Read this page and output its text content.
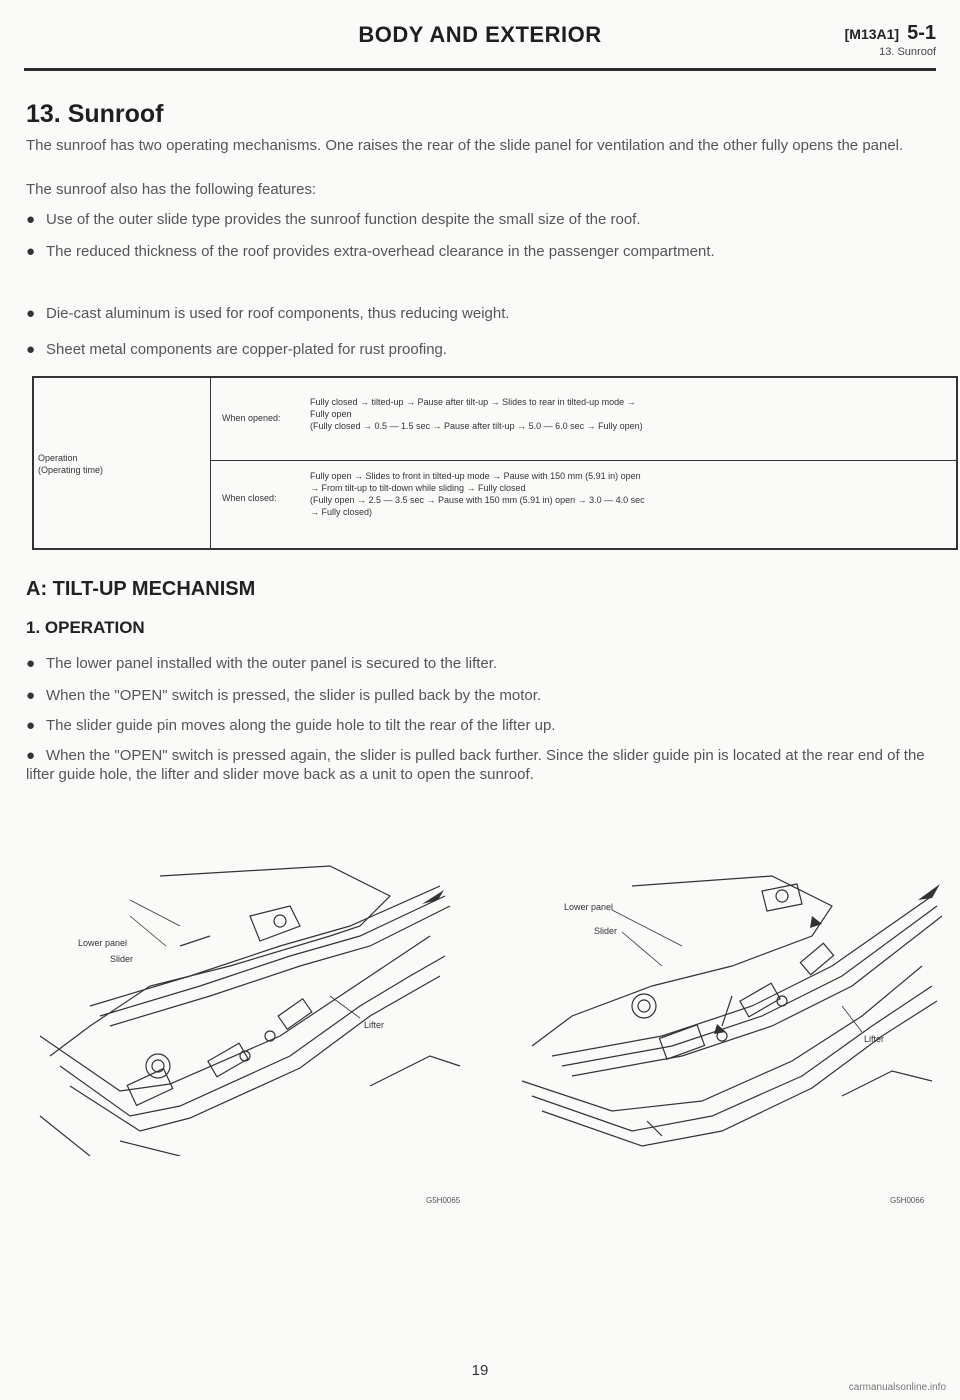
BODY AND EXTERIOR	[M13A1] 5-1
13. Sunroof
13. Sunroof
The sunroof has two operating mechanisms. One raises the rear of the slide panel for ventilation and the other fully opens the panel.
The sunroof also has the following features:
● Use of the outer slide type provides the sunroof function despite the small size of the roof.
● The reduced thickness of the roof provides extra-overhead clearance in the passenger compartment.
● Die-cast aluminum is used for roof components, thus reducing weight.
● Sheet metal components are copper-plated for rust proofing.
Operation
(Operating time)
When opened:
Fully closed → tilted-up → Pause after tilt-up → Slides to rear in tilted-up mode →
Fully open
(Fully closed → 0.5 — 1.5 sec → Pause after tilt-up → 5.0 — 6.0 sec → Fully open)
When closed:
Fully open → Slides to front in tilted-up mode → Pause with 150 mm (5.91 in) open
→ From tilt-up to tilt-down while sliding → Fully closed
(Fully open → 2.5 — 3.5 sec → Pause with 150 mm (5.91 in) open → 3.0 — 4.0 sec
→ Fully closed)
A: TILT-UP MECHANISM
1. OPERATION
● The lower panel installed with the outer panel is secured to the lifter.
● When the "OPEN" switch is pressed, the slider is pulled back by the motor.
● The slider guide pin moves along the guide hole to tilt the rear of the lifter up.
● When the "OPEN" switch is pressed again, the slider is pulled back further. Since the slider guide pin is located at the rear end of the lifter guide hole, the lifter and slider move back as a unit to open the sunroof.
Lower panel
Slider
Lifter
G5H0065
Lower panel
Slider
Lifter
G5H0066
19
carmanualsonline.info
